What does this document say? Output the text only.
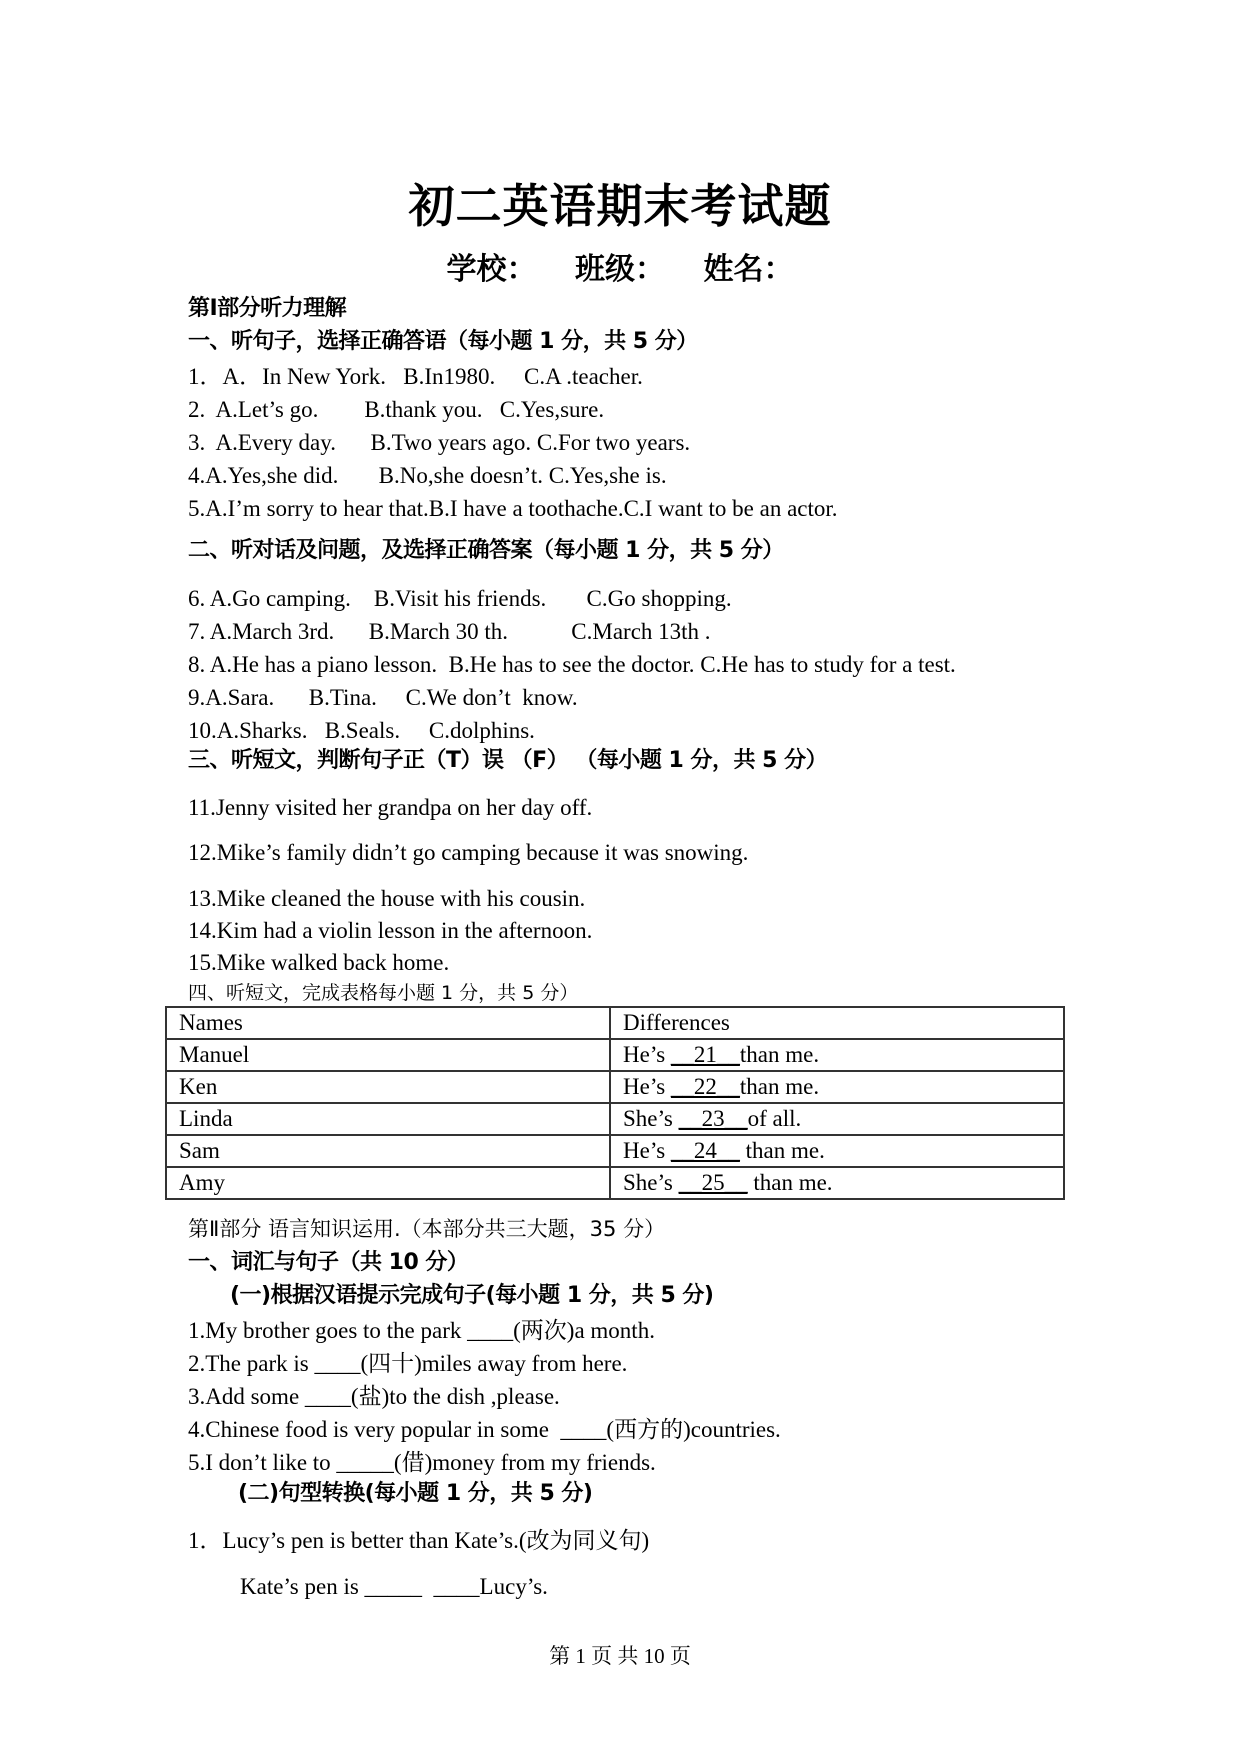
初二英语期末考试题
学校： 班级： 姓名：
第Ⅰ部分听力理解
一、听句子，选择正确答语（每小题 1 分，共 5 分）
1．A．In New York.   B.In1980.     C.A .teacher.
2.  A.Let’s go.        B.thank you.   C.Yes,sure.
3.  A.Every day.      B.Two years ago. C.For two years.
4.A.Yes,she did.       B.No,she doesn’t. C.Yes,she is.
5.A.I’m sorry to hear that.B.I have a toothache.C.I want to be an actor.
二、听对话及问题，及选择正确答案（每小题 1 分，共 5 分）
6. A.Go camping.    B.Visit his friends.       C.Go shopping.
7. A.March 3rd.      B.March 30 th.           C.March 13th .
8. A.He has a piano lesson.  B.He has to see the doctor. C.He has to study for a test.
9.A.Sara.      B.Tina.     C.We don’t  know.
10.A.Sharks.   B.Seals.     C.dolphins.
三、听短文，判断句子正（T）误 （F） （每小题 1 分，共 5 分）
11.Jenny visited her grandpa on her day off.
12.Mike’s family didn’t go camping because it was snowing.
13.Mike cleaned the house with his cousin.
14.Kim had a violin lesson in the afternoon.
15.Mike walked back home.
四、听短文，完成表格每小题 1 分，共 5 分）
Names	Differences
Manuel	He’s __21__than me.
Ken	He’s __22__than me.
Linda	She’s __23__of all.
Sam	He’s __24__ than me.
Amy	She’s __25__ than me.
第Ⅱ部分 语言知识运用.（本部分共三大题，35 分）
一、词汇与句子（共 10 分）
(一)根据汉语提示完成句子(每小题 1 分，共 5 分)
1.My brother goes to the park ____(两次)a month.
2.The park is ____(四十)miles away from here.
3.Add some ____(盐)to the dish ,please.
4.Chinese food is very popular in some  ____(西方的)countries.
5.I don’t like to _____(借)money from my friends.
(二)句型转换(每小题 1 分，共 5 分)
1．Lucy’s pen is better than Kate’s.(改为同义句)
Kate’s pen is _____  ____Lucy’s.
第 1 页 共 10 页
